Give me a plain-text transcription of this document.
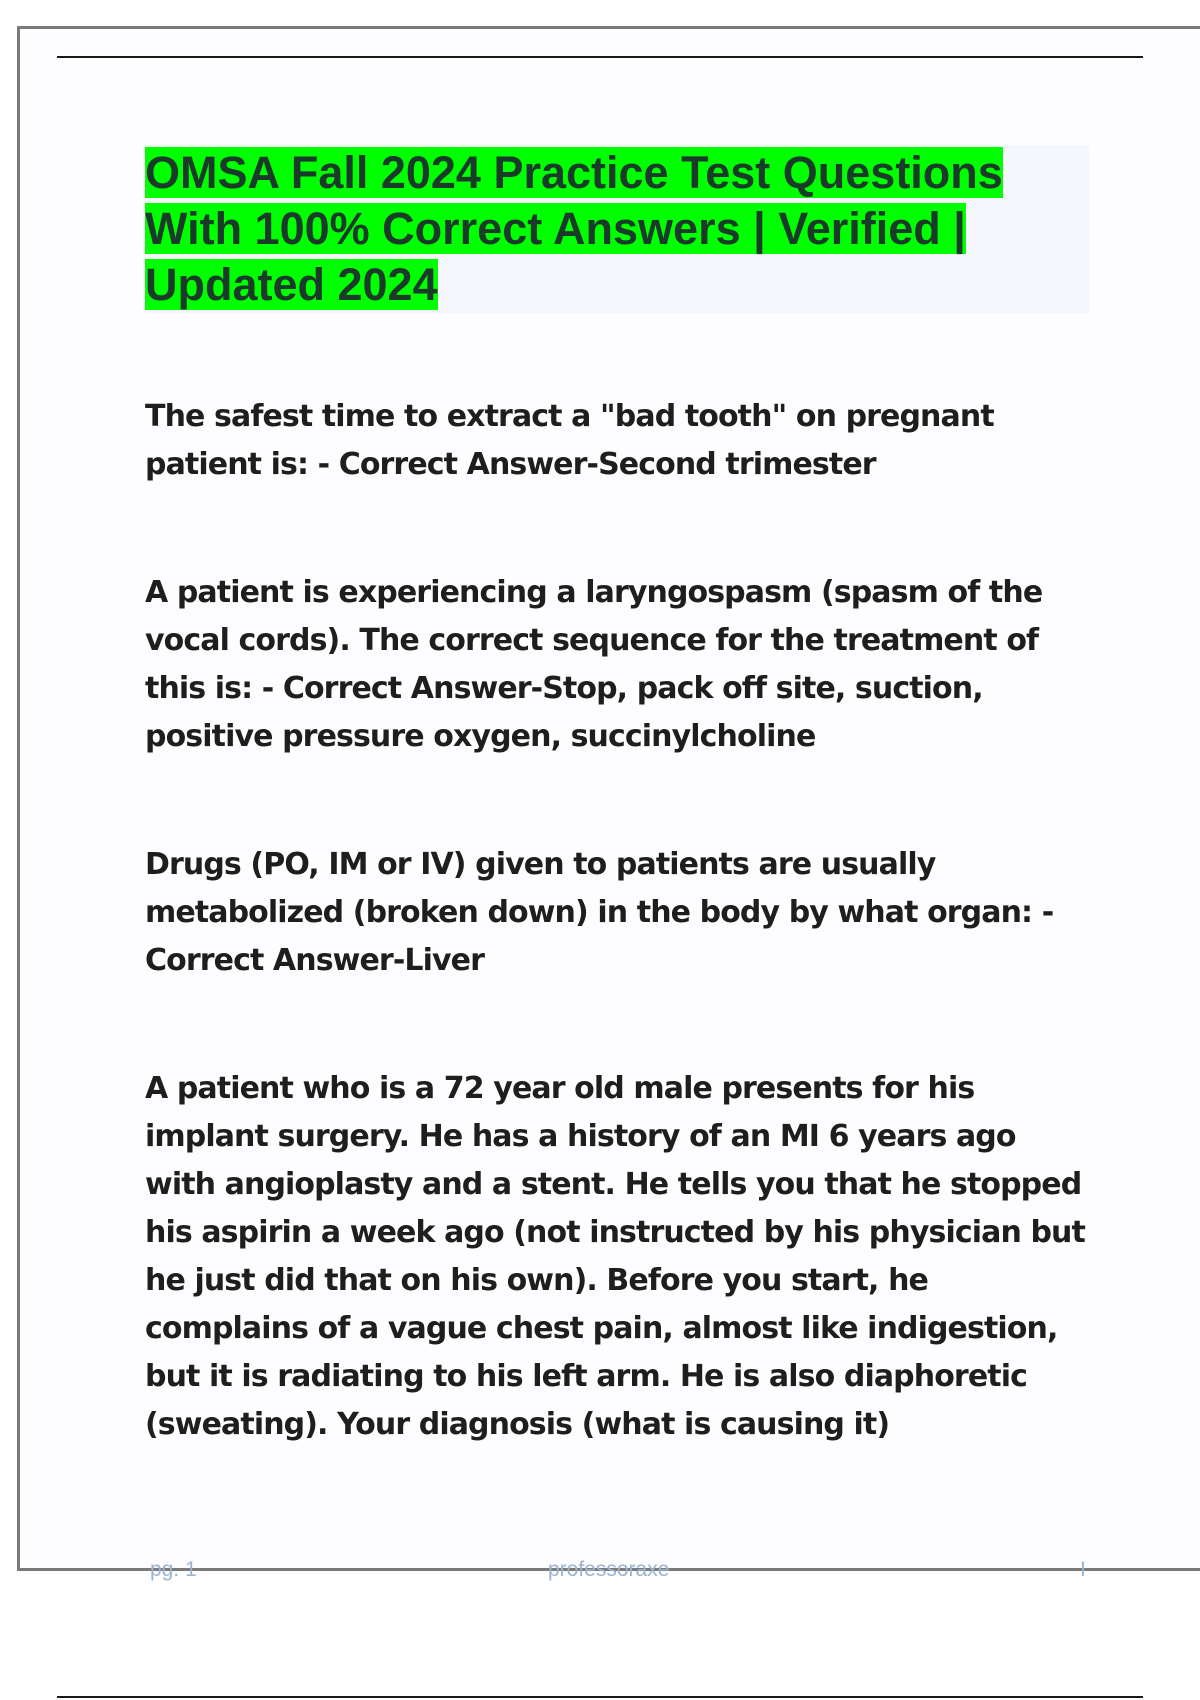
OMSA Fall 2024 Practice Test Questions With 100% Correct Answers | Verified | Updated 2024

The safest time to extract a "bad tooth" on pregnant patient is: - Correct Answer-Second trimester

A patient is experiencing a laryngospasm (spasm of the vocal cords). The correct sequence for the treatment of this is: - Correct Answer-Stop, pack off site, suction, positive pressure oxygen, succinylcholine

Drugs (PO, IM or IV) given to patients are usually metabolized (broken down) in the body by what organ: - Correct Answer-Liver

A patient who is a 72 year old male presents for his implant surgery. He has a history of an MI 6 years ago with angioplasty and a stent. He tells you that he stopped his aspirin a week ago (not instructed by his physician but he just did that on his own). Before you start, he complains of a vague chest pain, almost like indigestion, but it is radiating to his left arm. He is also diaphoretic (sweating). Your diagnosis (what is causing it)

pg. 1	professoraxe	I
